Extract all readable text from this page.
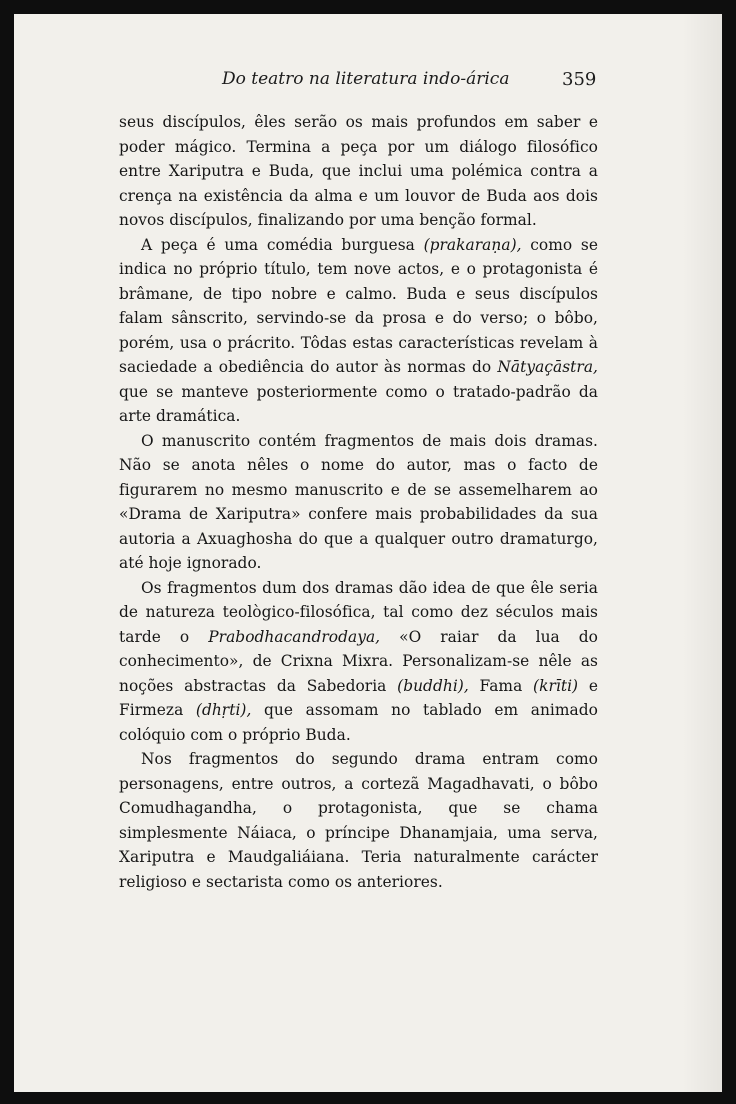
Do teatro na literatura indo-árica	359

seus discípulos, êles serão os mais profundos em saber e poder mágico. Termina a peça por um diálogo filosófico entre Xariputra e Buda, que inclui uma polémica contra a crença na existência da alma e um louvor de Buda aos dois novos discípulos, finalizando por uma benção formal.

A peça é uma comédia burguesa (prakaraṇa), como se indica no próprio título, tem nove actos, e o protagonista é brâmane, de tipo nobre e calmo. Buda e seus discípulos falam sânscrito, servindo-se da prosa e do verso; o bôbo, porém, usa o prácrito. Tôdas estas características revelam à saciedade a obediência do autor às normas do Nātyaçāstra, que se manteve posteriormente como o tratado-padrão da arte dramática.

O manuscrito contém fragmentos de mais dois dramas. Não se anota nêles o nome do autor, mas o facto de figurarem no mesmo manuscrito e de se assemelharem ao «Drama de Xariputra» confere mais probabilidades da sua autoria a Axuaghosha do que a qualquer outro dramaturgo, até hoje ignorado.

Os fragmentos dum dos dramas dão idea de que êle seria de natureza teològico-filosófica, tal como dez séculos mais tarde o Prabodhacandrodaya, «O raiar da lua do conhecimento», de Crixna Mixra. Personalizam-se nêle as noções abstractas da Sabedoria (buddhi), Fama (krīti) e Firmeza (dhṛti), que assomam no tablado em animado colóquio com o próprio Buda.

Nos fragmentos do segundo drama entram como personagens, entre outros, a cortezã Magadhavati, o bôbo Comudhagandha, o protagonista, que se chama simplesmente Náiaca, o príncipe Dhanamjaia, uma serva, Xariputra e Maudgaliáiana. Teria naturalmente carácter religioso e sectarista como os anteriores.
